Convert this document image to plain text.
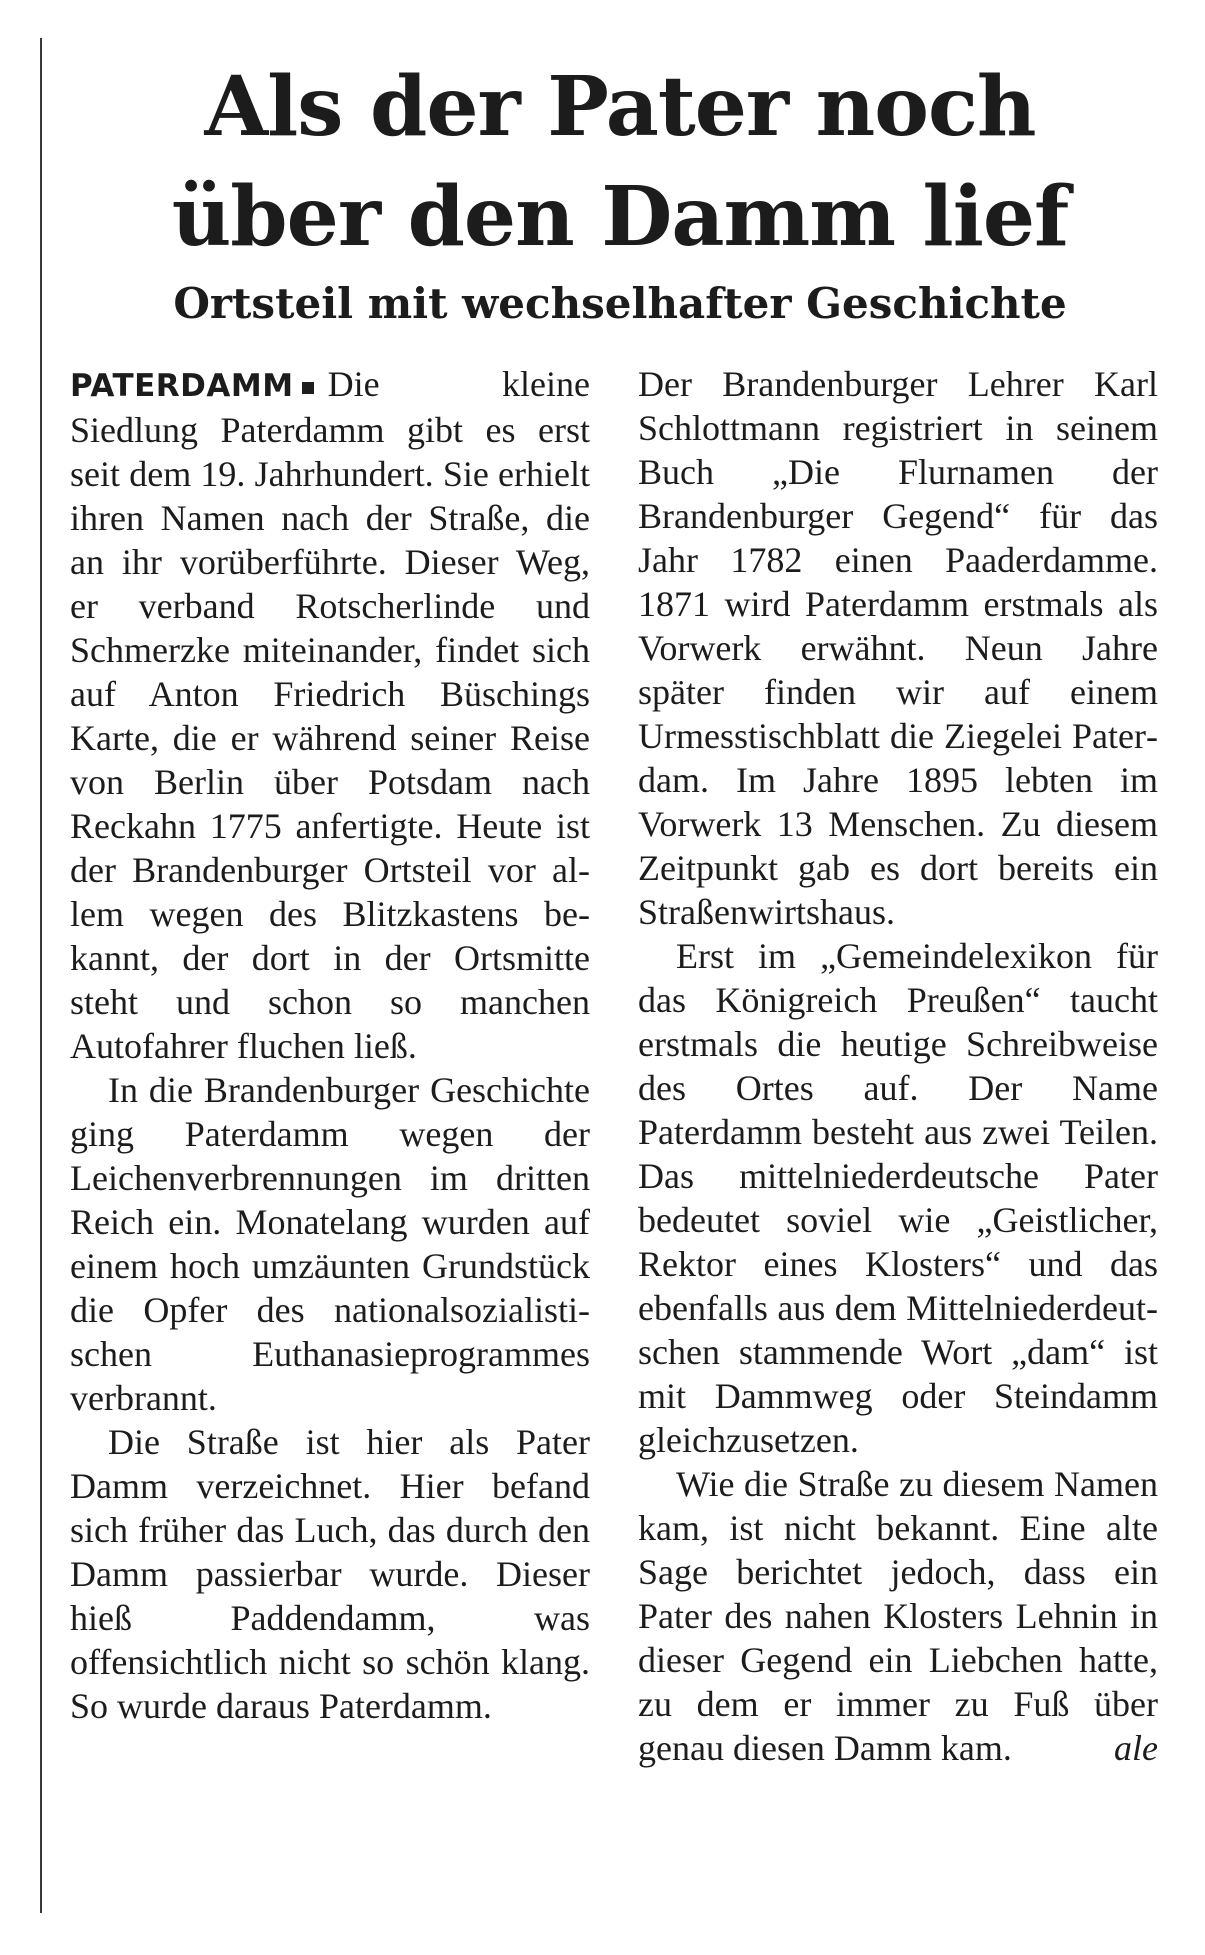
Als der Pater noch
über den Damm lief
Ortsteil mit wechselhafter Geschichte

PATERDAMM Die kleine Siedlung Paterdamm gibt es erst seit dem 19. Jahrhundert. Sie erhielt ihren Namen nach der Straße, die an ihr vorüberführte. Dieser Weg, er verband Rotscherlinde und Schmerzke miteinander, findet sich auf Anton Friedrich Büschings Karte, die er während seiner Reise von Berlin über Potsdam nach Reckahn 1775 anfertigte. Heute ist der Brandenburger Ortsteil vor allem wegen des Blitzkastens bekannt, der dort in der Ortsmitte steht und schon so manchen Autofahrer fluchen ließ.

In die Brandenburger Geschichte ging Paterdamm wegen der Leichenverbrennungen im dritten Reich ein. Monatelang wurden auf einem hoch umzäunten Grundstück die Opfer des nationalsozialistischen Euthanasieprogrammes verbrannt.

Die Straße ist hier als Pater Damm verzeichnet. Hier befand sich früher das Luch, das durch den Damm passierbar wurde. Dieser hieß Paddendamm, was offensichtlich nicht so schön klang. So wurde daraus Paterdamm.

Der Brandenburger Lehrer Karl Schlottmann registriert in seinem Buch „Die Flurnamen der Brandenburger Gegend“ für das Jahr 1782 einen Paaderdamme. 1871 wird Paterdamm erstmals als Vorwerk erwähnt. Neun Jahre später finden wir auf einem Urmesstischblatt die Ziegelei Paterdam. Im Jahre 1895 lebten im Vorwerk 13 Menschen. Zu diesem Zeitpunkt gab es dort bereits ein Straßenwirtshaus.

Erst im „Gemeindelexikon für das Königreich Preußen“ taucht erstmals die heutige Schreibweise des Ortes auf. Der Name Paterdamm besteht aus zwei Teilen. Das mittelniederdeutsche Pater bedeutet soviel wie „Geistlicher, Rektor eines Klosters“ und das ebenfalls aus dem Mittelniederdeutschen stammende Wort „dam“ ist mit Dammweg oder Steindamm gleichzusetzen.

Wie die Straße zu diesem Namen kam, ist nicht bekannt. Eine alte Sage berichtet jedoch, dass ein Pater des nahen Klosters Lehnin in dieser Gegend ein Liebchen hatte, zu dem er immer zu Fuß über genau diesen Damm kam.	ale
